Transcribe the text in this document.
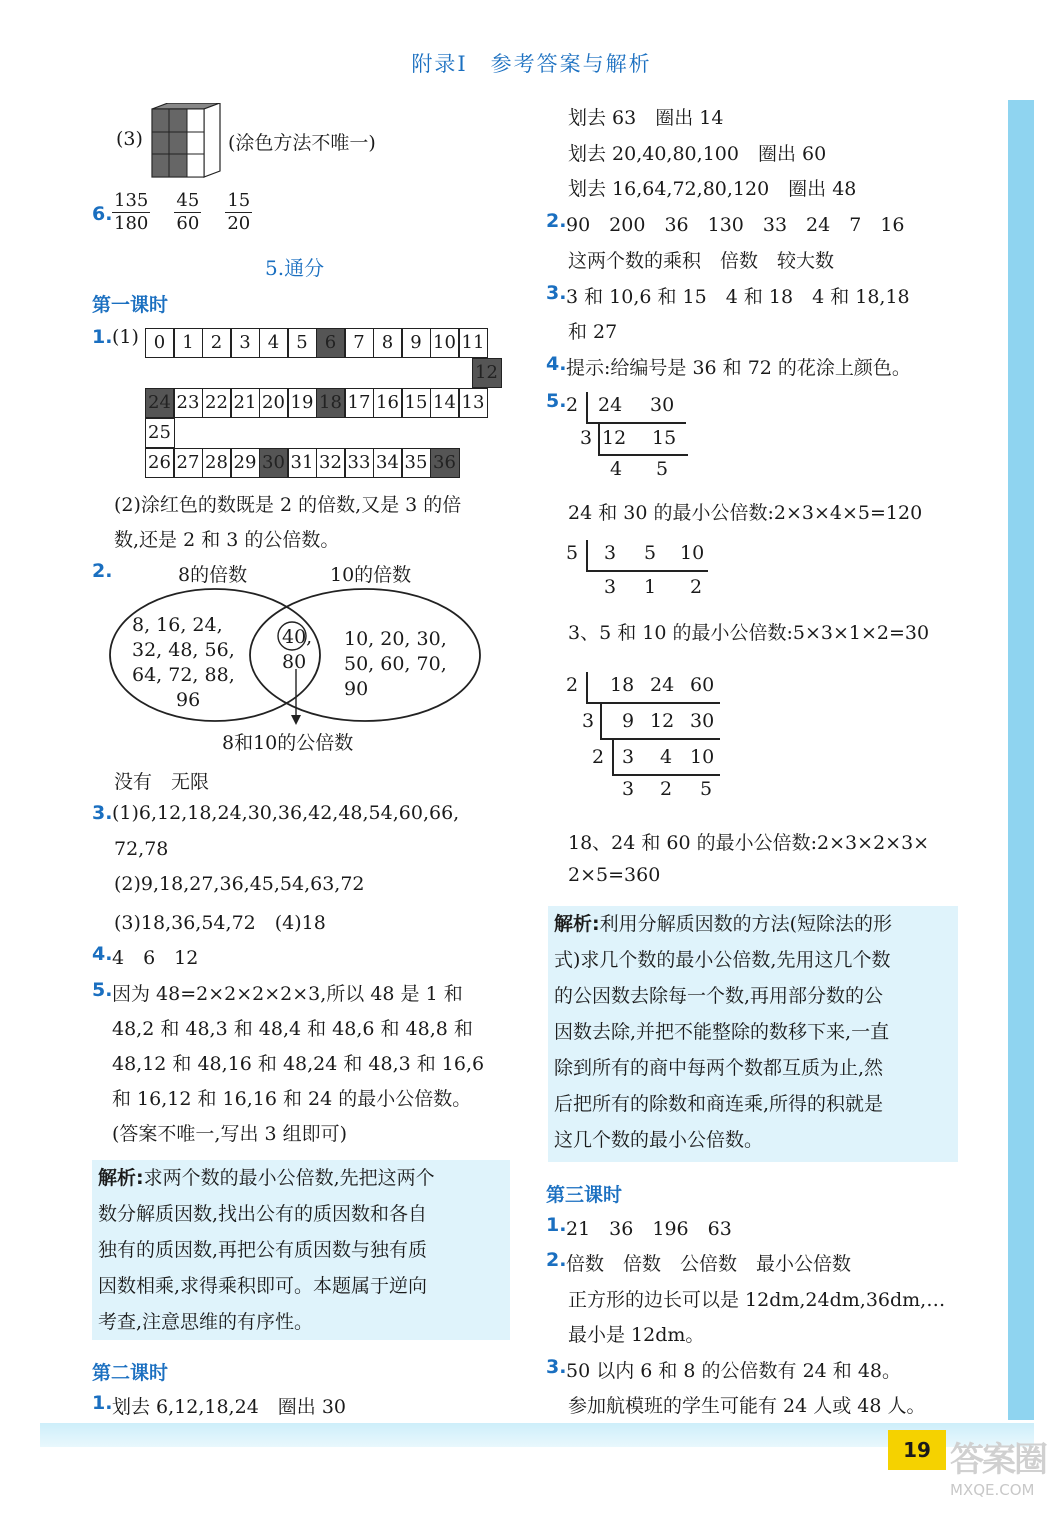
19 答案圈
MXQE.COM
附录Ⅰ　参考答案与解析
(3)	(涂色方法不唯一)
6. $\frac{135}{180}$
$\frac{45}{60}$
$\frac{15}{20}$
5.通分
第一课时
1. (1) 0 1 2 3 4 5 6 7 8 9 10 11
12
24 23 22 21 20 19 18 17 16 15 14 13
25
26 27 28 29 30 31 32 33 34 35 36
(2)涂红色的数既是 2 的倍数,又是 3 的倍
数,还是 2 和 3 的公倍数。
2.	8的倍数	10的倍数
8, 16, 24,
32, 48, 56,
64, 72, 88,
96
40,
80
10, 20, 30,
50, 60, 70,
90
8和10的公倍数
没有　无限
3. (1)6,12,18,24,30,36,42,48,54,60,66,
72,78
(2)9,18,27,36,45,54,63,72
(3)18,36,54,72　(4)18
4. 4　6　12
5. 因为 48=2×2×2×2×3,所以 48 是 1 和
48,2 和 48,3 和 48,4 和 48,6 和 48,8 和
48,12 和 48,16 和 48,24 和 48,3 和 16,6
和 16,12 和 16,16 和 24 的最小公倍数。
(答案不唯一,写出 3 组即可)
解析:求两个数的最小公倍数,先把这两个
数分解质因数,找出公有的质因数和各自
独有的质因数,再把公有质因数与独有质
因数相乘,求得乘积即可。本题属于逆向
考查,注意思维的有序性。
第二课时
1. 划去 6,12,18,24　圈出 30
划去 63　圈出 14
划去 20,40,80,100　圈出 60
划去 16,64,72,80,120　圈出 48
2. 90　200　36　130　33　24　7　16
这两个数的乘积　倍数　较大数
3. 3 和 10,6 和 15　4 和 18　4 和 18,18
和 27
4. 提示:给编号是 36 和 72 的花涂上颜色。
5. 2 24 30
3 12 15
4 5
24 和 30 的最小公倍数:2×3×4×5=120
5 3 5 10
3 1 2
3、5 和 10 的最小公倍数:5×3×1×2=30
2 18 24 60
3 9 12 30
2 3 4 10
3 2 5
18、24 和 60 的最小公倍数:2×3×2×3×
2×5=360
解析:利用分解质因数的方法(短除法的形
式)求几个数的最小公倍数,先用这几个数
的公因数去除每一个数,再用部分数的公
因数去除,并把不能整除的数移下来,一直
除到所有的商中每两个数都互质为止,然
后把所有的除数和商连乘,所得的积就是
这几个数的最小公倍数。
第三课时
1. 21　36　196　63
2. 倍数　倍数　公倍数　最小公倍数
正方形的边长可以是 12dm,24dm,36dm,…
最小是 12dm。
3. 50 以内 6 和 8 的公倍数有 24 和 48。
参加航模班的学生可能有 24 人或 48 人。
